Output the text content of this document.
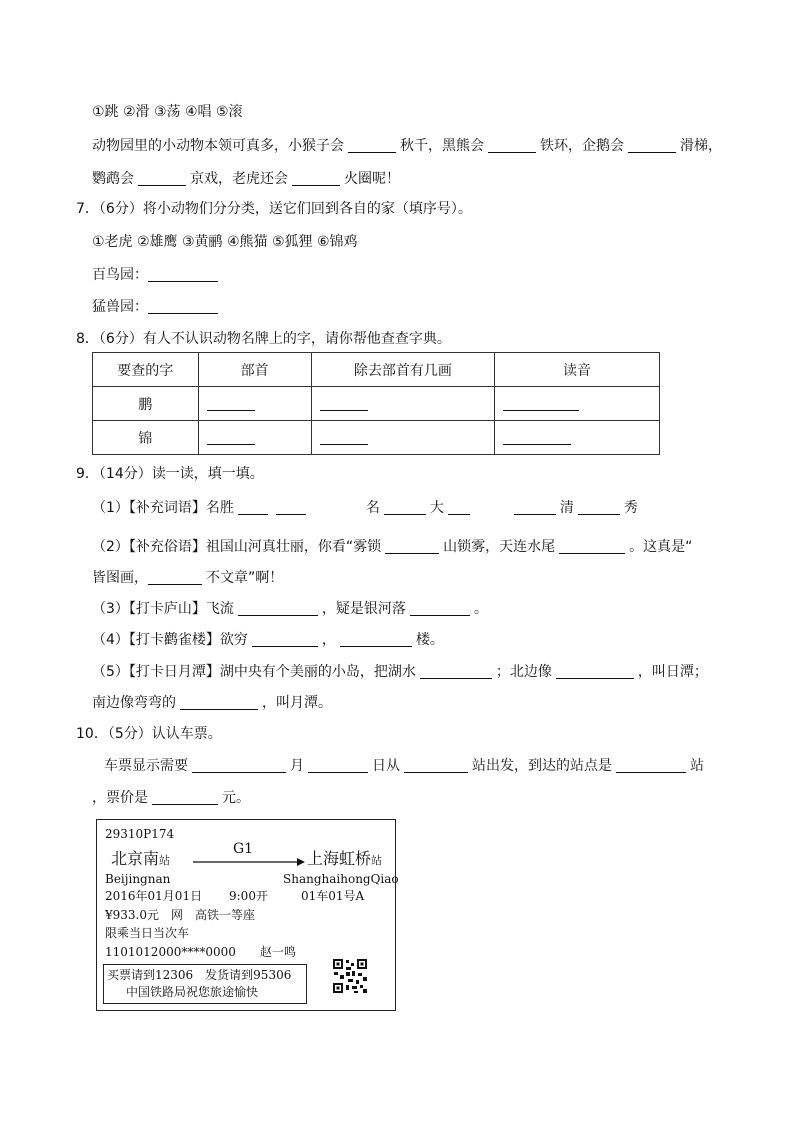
①跳 ②滑 ③荡 ④唱 ⑤滚
动物园里的小动物本领可真多，小猴子会	秋千，黑熊会	铁环，企鹅会	滑梯，
鹦鹉会	京戏，老虎还会	火圈呢！
7．（6分）将小动物们分分类，送它们回到各自的家（填序号）。
①老虎 ②雄鹰 ③黄鹂 ④熊猫 ⑤狐狸 ⑥锦鸡
百鸟园：
猛兽园：
8．（6分）有人不认识动物名牌上的字，请你帮他查查字典。
要查的字	部首	除去部首有几画	读音
鹏			
锦			
9．（14分）读一读，填一填。
（1）【补充词语】名胜	名	大	清	秀
（2）【补充俗语】祖国山河真壮丽，你看“雾锁	山锁雾，天连水尾	。这真是“
皆图画，	不文章”啊！
（3）【打卡庐山】飞流	，疑是银河落	。
（4）【打卡鹳雀楼】欲穷	，	楼。
（5）【打卡日月潭】湖中央有个美丽的小岛，把湖水	；北边像	，叫日潭；
南边像弯弯的	，叫月潭。
10．（5分）认认车票。
车票显示需要	月	日从	站出发，到达的站点是	站
，票价是	元。
29310P174
北京南站
G1	上海虹桥站
Beijingnan	ShanghaihongQiao
2016年01月01日 9:00开	01车01号A
¥933.0元　网　高铁一等座
限乘当日当次车
1101012000****0000　　赵一鸣
买票请到12306　发货请到95306
中国铁路局祝您旅途愉快
